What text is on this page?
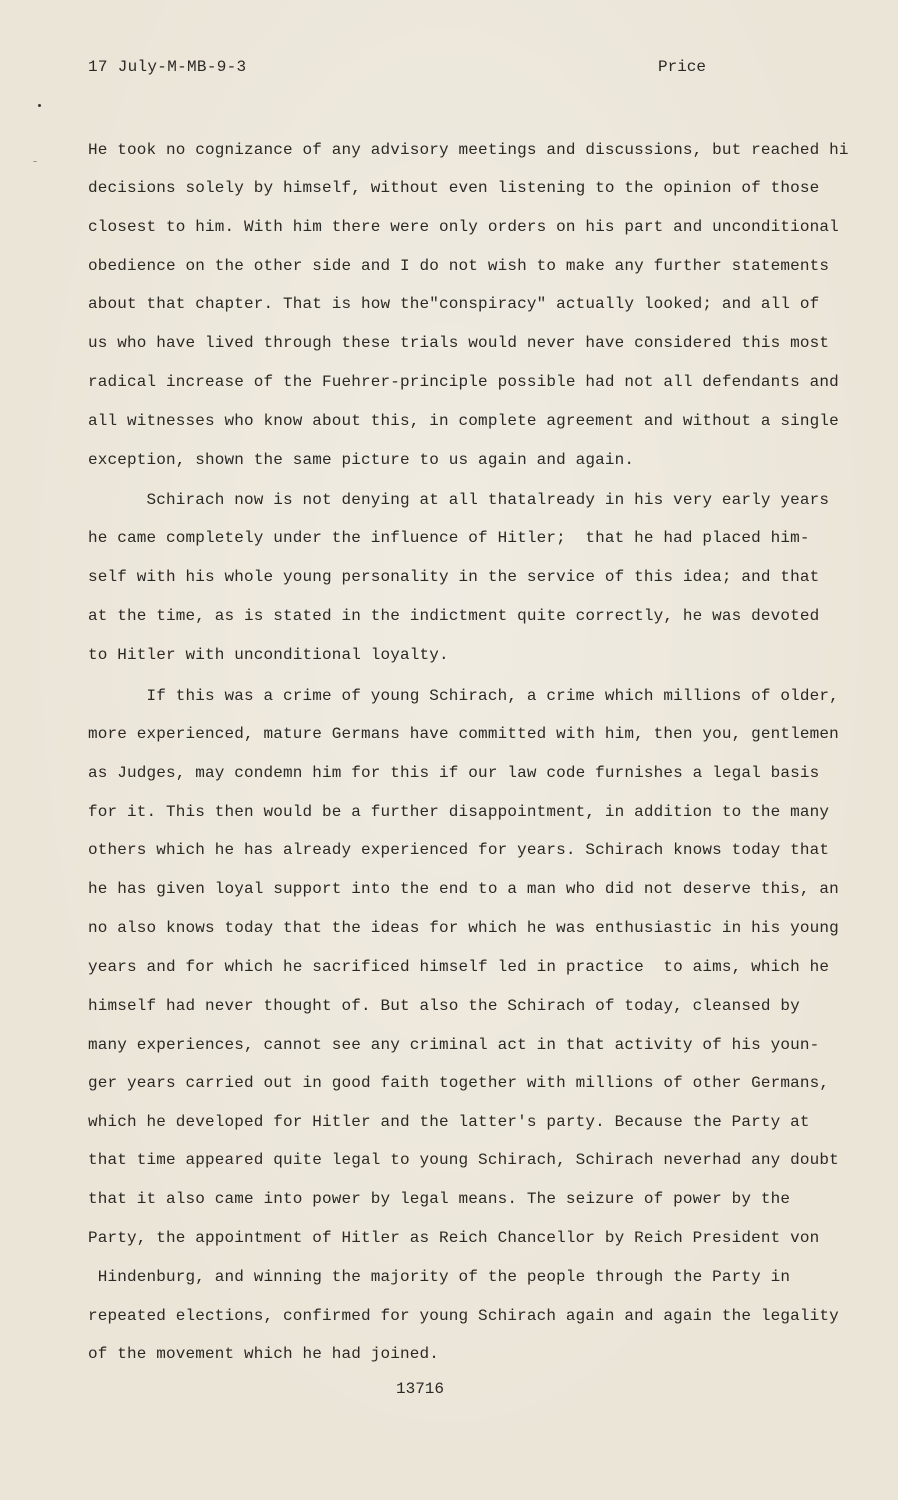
17 July-M-MB-9-3	Price
He took no cognizance of any advisory meetings and discussions, but reached hi
decisions solely by himself, without even listening to the opinion of those
closest to him. With him there were only orders on his part and unconditional
obedience on the other side and I do not wish to make any further statements
about that chapter. That is how the"conspiracy" actually looked; and all of
us who have lived through these trials would never have considered this most
radical increase of the Fuehrer-principle possible had not all defendants and
all witnesses who know about this, in complete agreement and without a single
exception, shown the same picture to us again and again.
Schirach now is not denying at all thatalready in his very early years
he came completely under the influence of Hitler;  that he had placed him-
self with his whole young personality in the service of this idea; and that
at the time, as is stated in the indictment quite correctly, he was devoted
to Hitler with unconditional loyalty.
If this was a crime of young Schirach, a crime which millions of older,
more experienced, mature Germans have committed with him, then you, gentlemen
as Judges, may condemn him for this if our law code furnishes a legal basis
for it. This then would be a further disappointment, in addition to the many
others which he has already experienced for years. Schirach knows today that
he has given loyal support into the end to a man who did not deserve this, an
no also knows today that the ideas for which he was enthusiastic in his young
years and for which he sacrificed himself led in practice  to aims, which he
himself had never thought of. But also the Schirach of today, cleansed by
many experiences, cannot see any criminal act in that activity of his youn-
ger years carried out in good faith together with millions of other Germans,
which he developed for Hitler and the latter's party. Because the Party at
that time appeared quite legal to young Schirach, Schirach neverhad any doubt
that it also came into power by legal means. The seizure of power by the
Party, the appointment of Hitler as Reich Chancellor by Reich President von
Hindenburg, and winning the majority of the people through the Party in
repeated elections, confirmed for young Schirach again and again the legality
of the movement which he had joined.
13716
